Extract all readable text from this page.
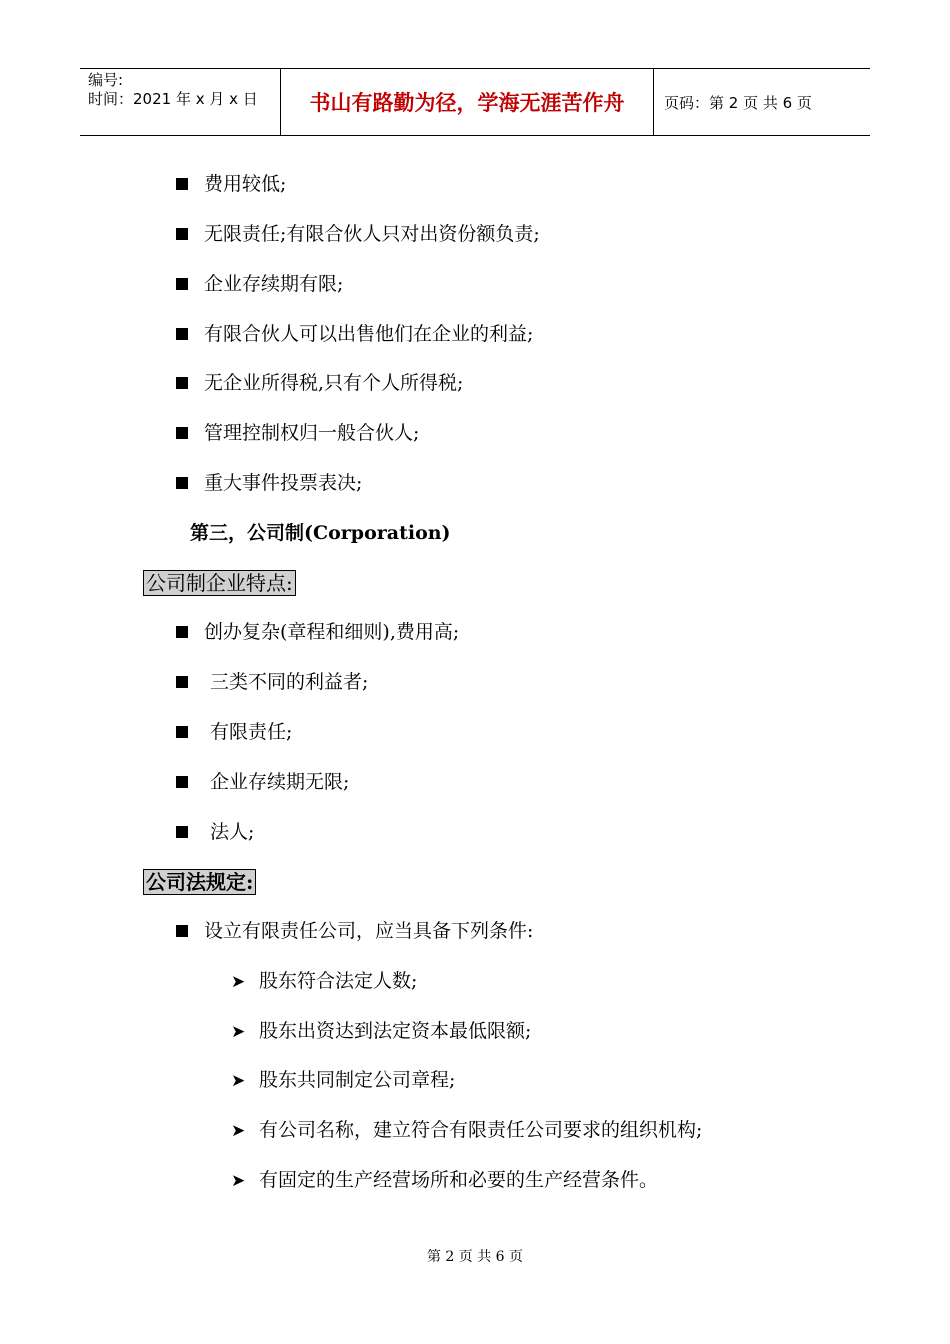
编号:
时间：2021 年 x 月 x 日	书山有路勤为径，学海无涯苦作舟	页码：第 2 页 共 6 页
费用较低;
无限责任;有限合伙人只对出资份额负责;
企业存续期有限;
有限合伙人可以出售他们在企业的利益;
无企业所得税,只有个人所得税;
管理控制权归一般合伙人;
重大事件投票表决;
第三，公司制(Corporation)
公司制企业特点:
创办复杂(章程和细则),费用高;
三类不同的利益者;
有限责任;
企业存续期无限;
法人;
公司法规定:
设立有限责任公司，应当具备下列条件:
➤ 股东符合法定人数;
➤ 股东出资达到法定资本最低限额;
➤ 股东共同制定公司章程;
➤ 有公司名称，建立符合有限责任公司要求的组织机构;
➤ 有固定的生产经营场所和必要的生产经营条件。
第 2 页 共 6 页
